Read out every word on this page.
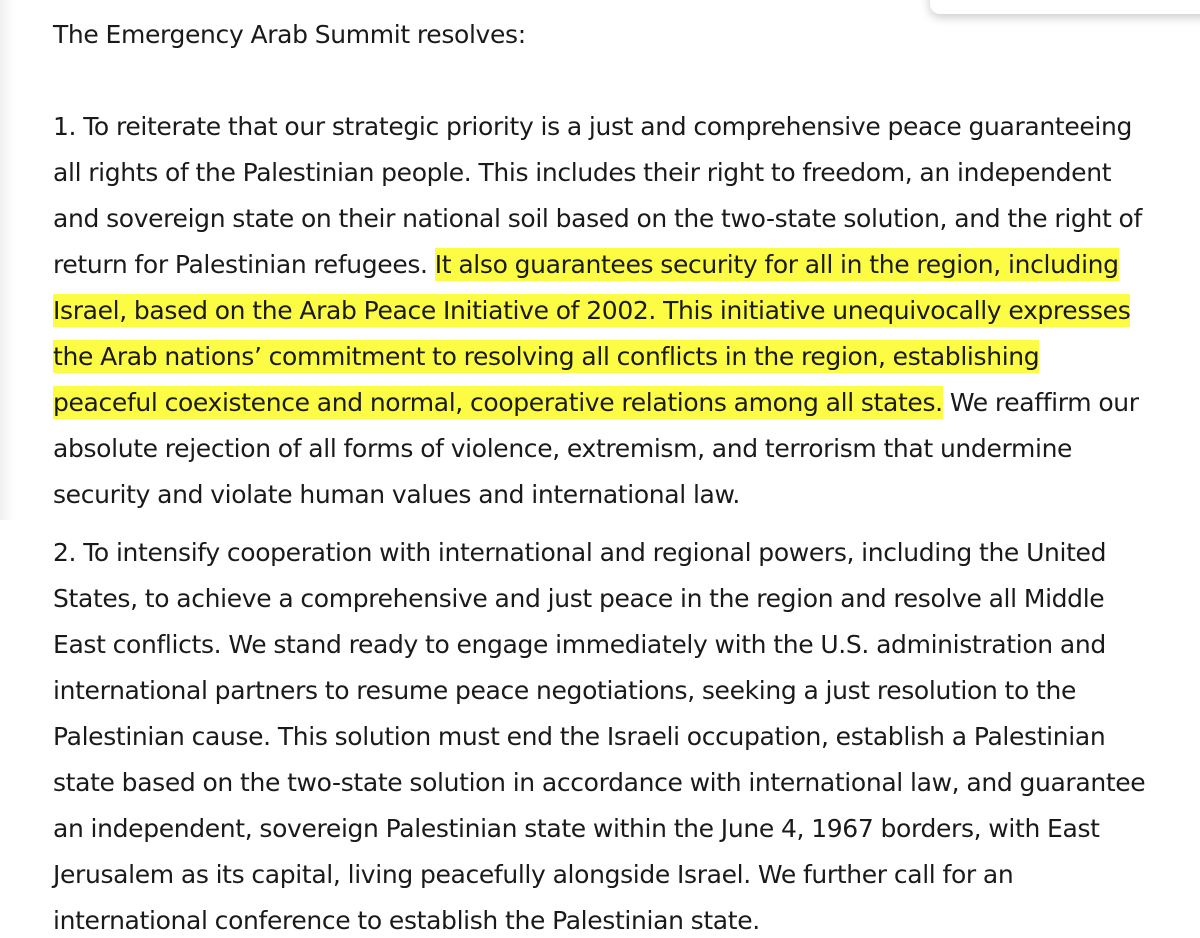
The Emergency Arab Summit resolves:

1. To reiterate that our strategic priority is a just and comprehensive peace guaranteeing all rights of the Palestinian people. This includes their right to freedom, an independent and sovereign state on their national soil based on the two-state solution, and the right of return for Palestinian refugees. It also guarantees security for all in the region, including Israel, based on the Arab Peace Initiative of 2002. This initiative unequivocally expresses the Arab nations’ commitment to resolving all conflicts in the region, establishing peaceful coexistence and normal, cooperative relations among all states. We reaffirm our absolute rejection of all forms of violence, extremism, and terrorism that undermine security and violate human values and international law.

2. To intensify cooperation with international and regional powers, including the United States, to achieve a comprehensive and just peace in the region and resolve all Middle East conflicts. We stand ready to engage immediately with the U.S. administration and international partners to resume peace negotiations, seeking a just resolution to the Palestinian cause. This solution must end the Israeli occupation, establish a Palestinian state based on the two-state solution in accordance with international law, and guarantee an independent, sovereign Palestinian state within the June 4, 1967 borders, with East Jerusalem as its capital, living peacefully alongside Israel. We further call for an international conference to establish the Palestinian state.
